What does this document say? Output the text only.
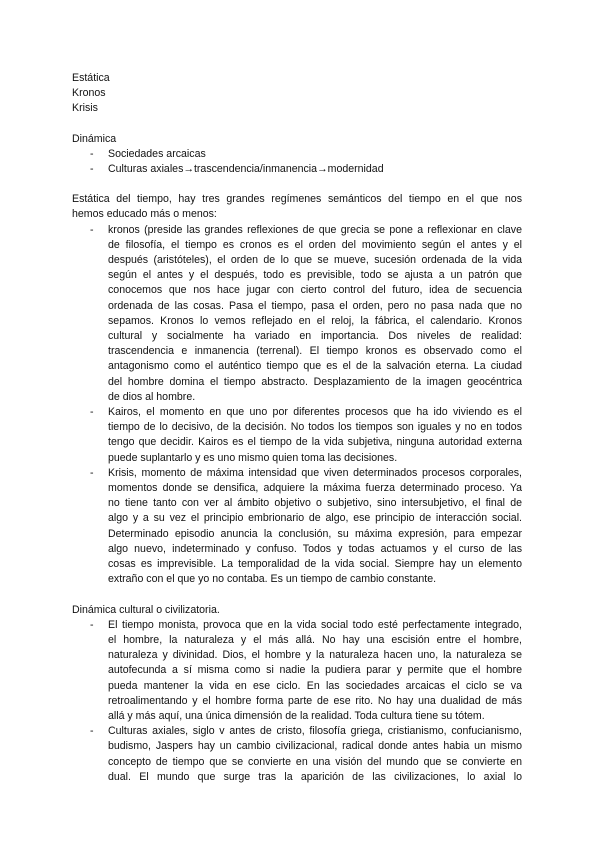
Estática
Kronos
Krisis
Dinámica
- Sociedades arcaicas
- Culturas axiales→trascendencia/inmanencia→modernidad
Estática del tiempo, hay tres grandes regímenes semánticos del tiempo en el que nos
hemos educado más o menos:
- kronos (preside las grandes reflexiones de que grecia se pone a reflexionar en clave
de filosofía, el tiempo es cronos es el orden del movimiento según el antes y el
después (aristóteles), el orden de lo que se mueve, sucesión ordenada de la vida
según el antes y el después, todo es previsible, todo se ajusta a un patrón que
conocemos que nos hace jugar con cierto control del futuro, idea de secuencia
ordenada de las cosas. Pasa el tiempo, pasa el orden, pero no pasa nada que no
sepamos. Kronos lo vemos reflejado en el reloj, la fábrica, el calendario. Kronos
cultural y socialmente ha variado en importancia. Dos niveles de realidad:
trascendencia e inmanencia (terrenal). El tiempo kronos es observado como el
antagonismo como el auténtico tiempo que es el de la salvación eterna. La ciudad
del hombre domina el tiempo abstracto. Desplazamiento de la imagen geocéntrica
de dios al hombre.
- Kairos, el momento en que uno por diferentes procesos que ha ido viviendo es el
tiempo de lo decisivo, de la decisión. No todos los tiempos son iguales y no en todos
tengo que decidir. Kairos es el tiempo de la vida subjetiva, ninguna autoridad externa
puede suplantarlo y es uno mismo quien toma las decisiones.
- Krisis, momento de máxima intensidad que viven determinados procesos corporales,
momentos donde se densifica, adquiere la máxima fuerza determinado proceso. Ya
no tiene tanto con ver al ámbito objetivo o subjetivo, sino intersubjetivo, el final de
algo y a su vez el principio embrionario de algo, ese principio de interacción social.
Determinado episodio anuncia la conclusión, su máxima expresión, para empezar
algo nuevo, indeterminado y confuso. Todos y todas actuamos y el curso de las
cosas es imprevisible. La temporalidad de la vida social. Siempre hay un elemento
extraño con el que yo no contaba. Es un tiempo de cambio constante.
Dinámica cultural o civilizatoria.
- El tiempo monista, provoca que en la vida social todo esté perfectamente integrado,
el hombre, la naturaleza y el más allá. No hay una escisión entre el hombre,
naturaleza y divinidad. Dios, el hombre y la naturaleza hacen uno, la naturaleza se
autofecunda a sí misma como si nadie la pudiera parar y permite que el hombre
pueda mantener la vida en ese ciclo. En las sociedades arcaicas el ciclo se va
retroalimentando y el hombre forma parte de ese rito. No hay una dualidad de más
allá y más aquí, una única dimensión de la realidad. Toda cultura tiene su tótem.
- Culturas axiales, siglo v antes de cristo, filosofía griega, cristianismo, confucianismo,
budismo, Jaspers hay un cambio civilizacional, radical donde antes habia un mismo
concepto de tiempo que se convierte en una visión del mundo que se convierte en
dual. El mundo que surge tras la aparición de las civilizaciones, lo axial lo
